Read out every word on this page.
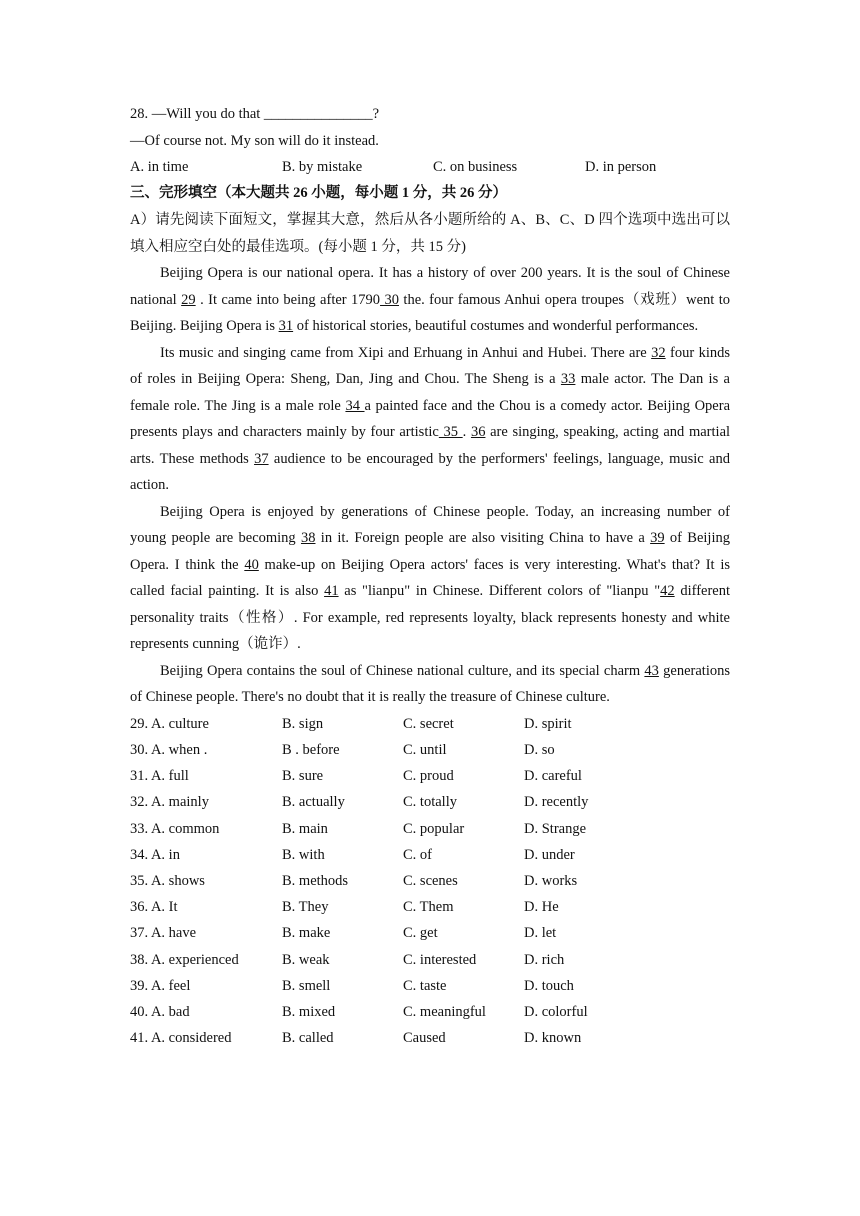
28. —Will you do that _______________?
—Of course not. My son will do it instead.
A. in time	B. by mistake	C. on business	D. in person
三、完形填空（本大题共 26 小题，每小题 1 分，共 26 分）
A）请先阅读下面短文，掌握其大意，然后从各小题所给的 A、B、C、D 四个选项中选出可以填入相应空白处的最佳选项。(每小题 1 分，共 15 分)
Beijing Opera is our national opera. It has a history of over 200 years. It is the soul of Chinese national 29 . It came into being after 1790 30 the. four famous Anhui opera troupes（戏班）went to Beijing. Beijing Opera is 31 of historical stories, beautiful costumes and wonderful performances.
Its music and singing came from Xipi and Erhuang in Anhui and Hubei. There are 32 four kinds of roles in Beijing Opera: Sheng, Dan, Jing and Chou. The Sheng is a 33 male actor. The Dan is a female role. The Jing is a male role 34 a painted face and the Chou is a comedy actor. Beijing Opera presents plays and characters mainly by four artistic 35 . 36 are singing, speaking, acting and martial arts. These methods 37 audience to be encouraged by the performers' feelings, language, music and action.
Beijing Opera is enjoyed by generations of Chinese people. Today, an increasing number of young people are becoming 38 in it. Foreign people are also visiting China to have a 39 of Beijing Opera. I think the 40 make-up on Beijing Opera actors' faces is very interesting. What's that? It is called facial painting. It is also 41 as "lianpu" in Chinese. Different colors of "lianpu "42 different personality traits（性格）. For example, red represents loyalty, black represents honesty and white represents cunning（诡诈）.
Beijing Opera contains the soul of Chinese national culture, and its special charm 43 generations of Chinese people. There's no doubt that it is really the treasure of Chinese culture.
29. A. culture	B. sign	C. secret	D. spirit
30. A. when .	B . before	C. until	D. so
31. A. full	B. sure	C. proud	D. careful
32. A. mainly	B. actually	C. totally	D. recently
33. A. common	B. main	C. popular	D. Strange
34. A. in	B. with	C. of	D. under
35. A. shows	B. methods	C. scenes	D. works
36. A. It	B. They	C. Them	D. He
37. A. have	B. make	C. get	D. let
38. A. experienced	B. weak	C. interested	D. rich
39. A. feel	B. smell	C. taste	D. touch
40. A. bad	B. mixed	C. meaningful	D. colorful
41. A. considered	B. called	Caused	D. known
